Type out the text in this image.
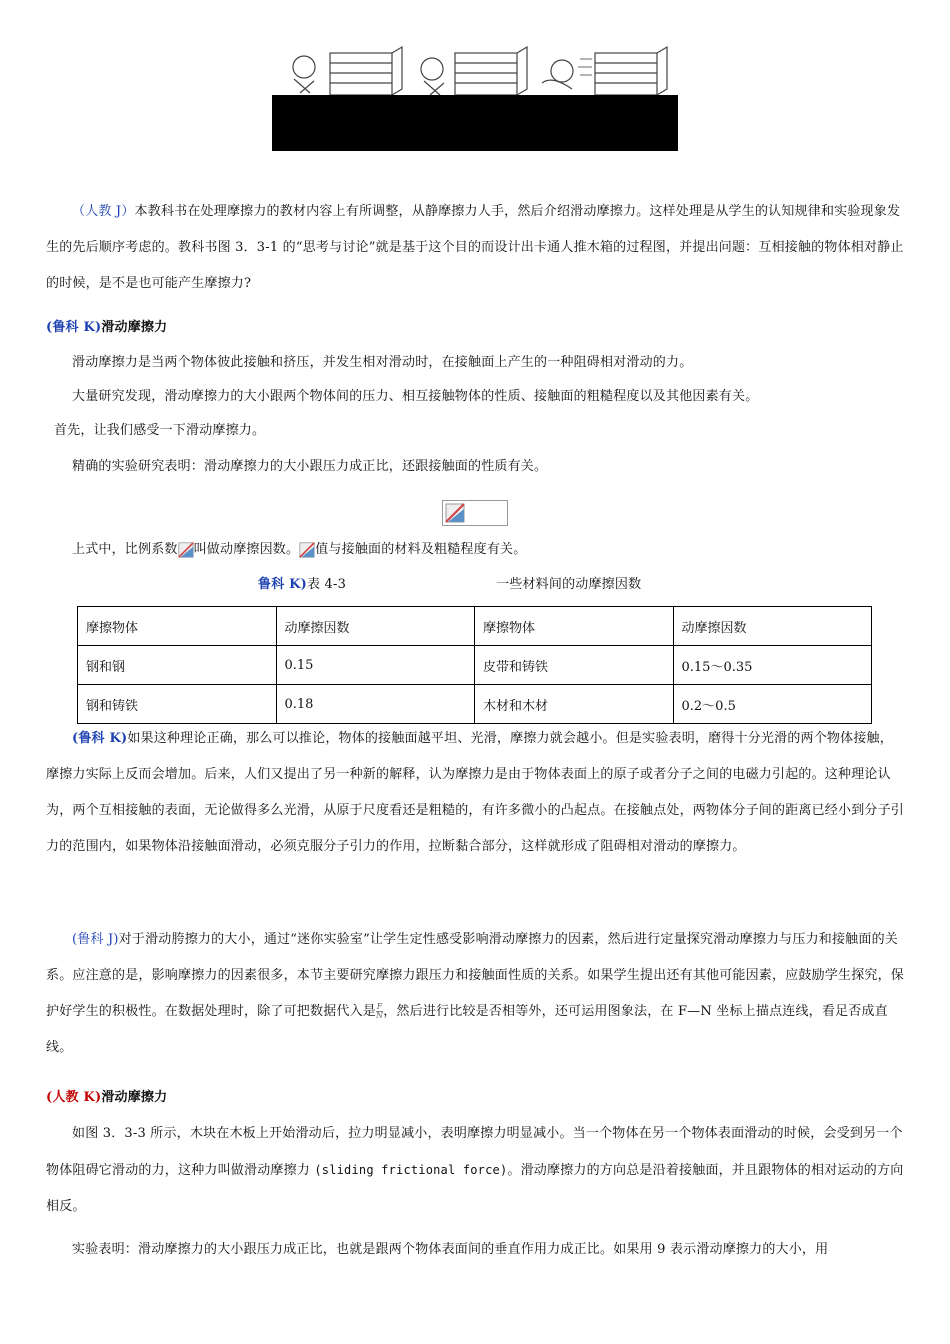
（人教 J）本教科书在处理摩擦力的教材内容上有所调整，从静摩擦力人手，然后介绍滑动摩擦力。这样处理是从学生的认知规律和实验现象发生的先后顺序考虑的。教科书图 3．3-1 的“思考与讨论”就是基于这个目的而设计出卡通人推木箱的过程图，并提出问题：互相接触的物体相对静止的时候，是不是也可能产生摩擦力?
(鲁科 K)滑动摩擦力
滑动摩擦力是当两个物体彼此接触和挤压，并发生相对滑动时，在接触面上产生的一种阻碍相对滑动的力。
大量研究发现，滑动摩擦力的大小跟两个物体间的压力、相互接触物体的性质、接触面的粗糙程度以及其他因素有关。
首先，让我们感受一下滑动摩擦力。
精确的实验研究表明：滑动摩擦力的大小跟压力成正比，还跟接触面的性质有关。
上式中，比例系数 叫做动摩擦因数。 值与接触面的材料及粗糙程度有关。
鲁科 K)表 4-3	一些材料间的动摩擦因数
摩擦物体	动摩擦因数	摩擦物体	动摩擦因数
钢和钢	0.15	皮带和铸铁	0.15～0.35
钢和铸铁	0.18	木材和木材	0.2～0.5
(鲁科 K)如果这种理论正确，那么可以推论，物体的接触面越平坦、光滑，摩擦力就会越小。但是实验表明，磨得十分光滑的两个物体接触，摩擦力实际上反而会增加。后来，人们又提出了另一种新的解释，认为摩擦力是由于物体表面上的原子或者分子之间的电磁力引起的。这种理论认为，两个互相接触的表面，无论做得多么光滑，从原于尺度看还是粗糙的，有许多微小的凸起点。在接触点处，两物体分子间的距离已经小到分子引力的范围内，如果物体沿接触面滑动，必须克服分子引力的作用，拉断黏合部分，这样就形成了阻碍相对滑动的摩擦力。
(鲁科 J)对于滑动胯擦力的大小，通过“迷你实验室”让学生定性感受影响滑动摩擦力的因素，然后进行定量探究滑动摩擦力与压力和接触面的关系。应注意的是，影响摩擦力的因素很多，本节主要研究摩擦力跟压力和接触面性质的关系。如果学生提出还有其他可能因素，应鼓励学生探究，保护好学生的积极性。在数据处理时，除了可把数据代入是 $\frac{F}{N}$ ，然后进行比较是否相等外，还可运用图象法，在 F—N 坐标上描点连线，看足否成直线。
(人教 K)滑动摩擦力
如图 3．3-3 所示，木块在木板上开始滑动后，拉力明显减小，表明摩擦力明显减小。当一个物体在另一个物体表面滑动的时候，会受到另一个物体阻碍它滑动的力，这种力叫做滑动摩擦力 (sliding frictional force)。滑动摩擦力的方向总是沿着接触面，并且跟物体的相对运动的方向相反。
实验表明：滑动摩擦力的大小跟压力成正比，也就是跟两个物体表面间的垂直作用力成正比。如果用 9 表示滑动摩擦力的大小，用
